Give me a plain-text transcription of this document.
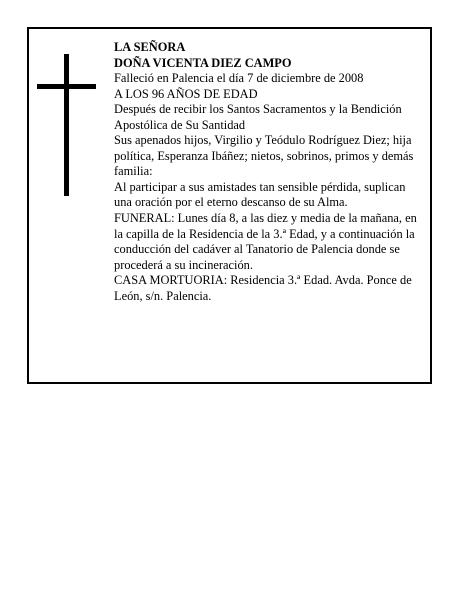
LA SEÑORA

DOÑA VICENTA DIEZ CAMPO

Falleció en Palencia el día 7 de diciembre de 2008

A LOS 96 AÑOS DE EDAD

Después de recibir los Santos Sacramentos y la Bendición Apostólica de Su Santidad

Sus apenados hijos, Virgilio y Teódulo Rodríguez Diez; hija política, Esperanza Ibáñez; nietos, sobrinos, primos y demás familia:

Al participar a sus amistades tan sensible pérdida, suplican una oración por el eterno descanso de su Alma.

FUNERAL: Lunes día 8, a las diez y media de la mañana, en la capilla de la Residencia de la 3.ª Edad, y a continuación la conducción del cadáver al Tanatorio de Palencia donde se procederá a su incineración.

CASA MORTUORIA: Residencia 3.ª Edad. Avda. Ponce de León, s/n. Palencia.
